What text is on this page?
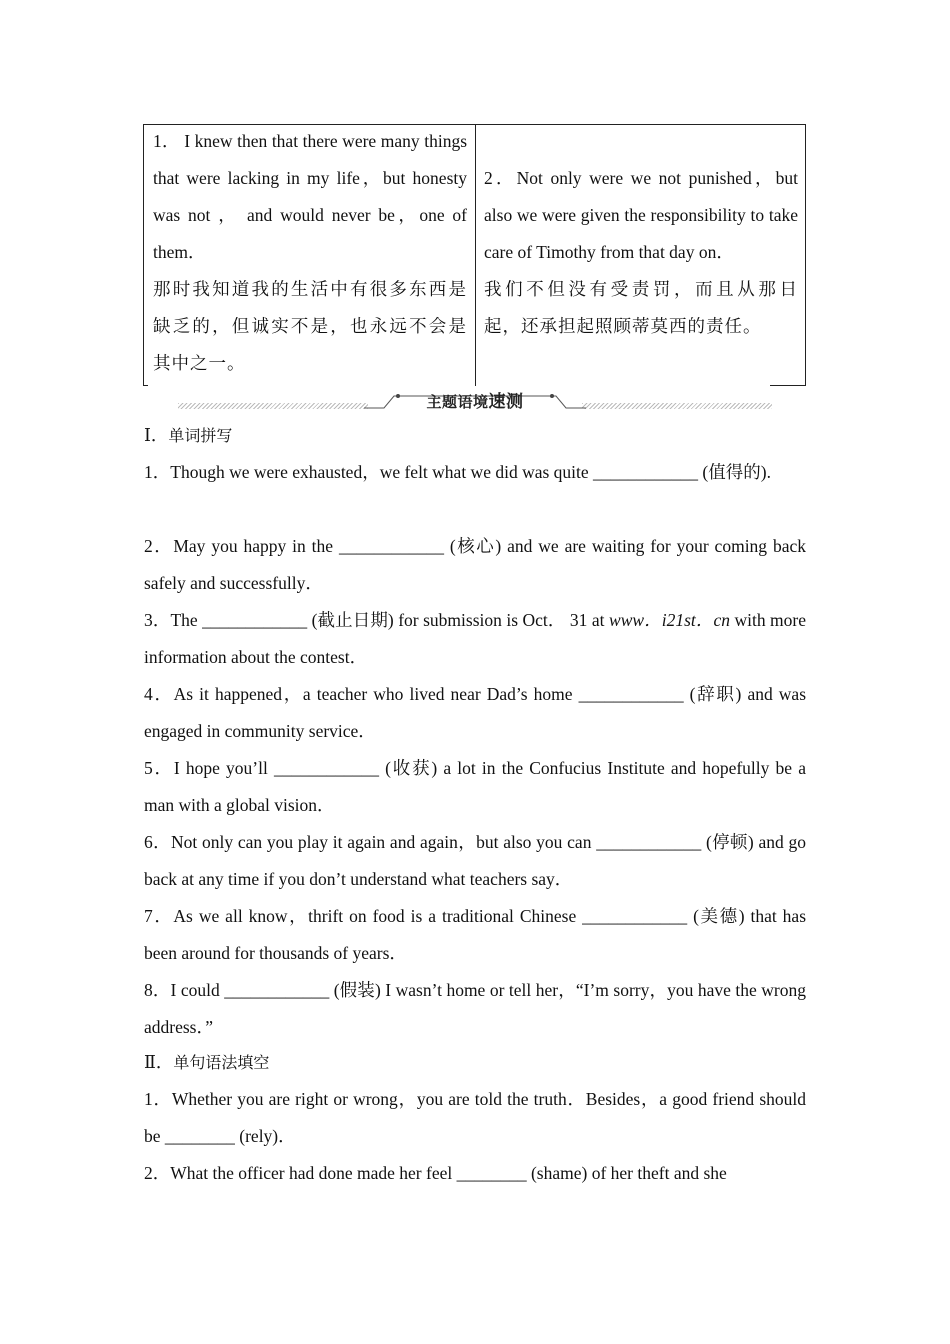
1． I knew then that there were many things that were lacking in my life，but honesty was not ， and would never be，one of them．
那时我知道我的生活中有很多东西是缺乏的，但诚实不是，也永远不会是其中之一。
2．Not only were we not punished，but also we were given the responsibility to take care of Timothy from that day on．
我们不但没有受责罚，而且从那日起，还承担起照顾蒂莫西的责任。
主题语境速测
Ⅰ．单词拼写
1．Though we were exhausted，we felt what we did was quite ____________ (值得的).
2．May you happy in the ____________ (核心) and we are waiting for your coming back safely and successfully．
3．The ____________ (截止日期) for submission is Oct． 31 at www．i21st．cn with more information about the contest．
4．As it happened，a teacher who lived near Dad’s home ____________ (辞职) and was engaged in community service．
5．I hope you’ll ____________ (收获) a lot in the Confucius Institute and hopefully be a man with a global vision．
6．Not only can you play it again and again，but also you can ____________ (停顿) and go back at any time if you don’t understand what teachers say．
7．As we all know，thrift on food is a traditional Chinese ____________ (美德) that has been around for thousands of years．
8．I could ____________ (假装) I wasn’t home or tell her，“I’m sorry，you have the wrong address．”
Ⅱ．单句语法填空
1．Whether you are right or wrong，you are told the truth．Besides，a good friend should be ________ (rely)．
2．What the officer had done made her feel ________ (shame) of her theft and she
